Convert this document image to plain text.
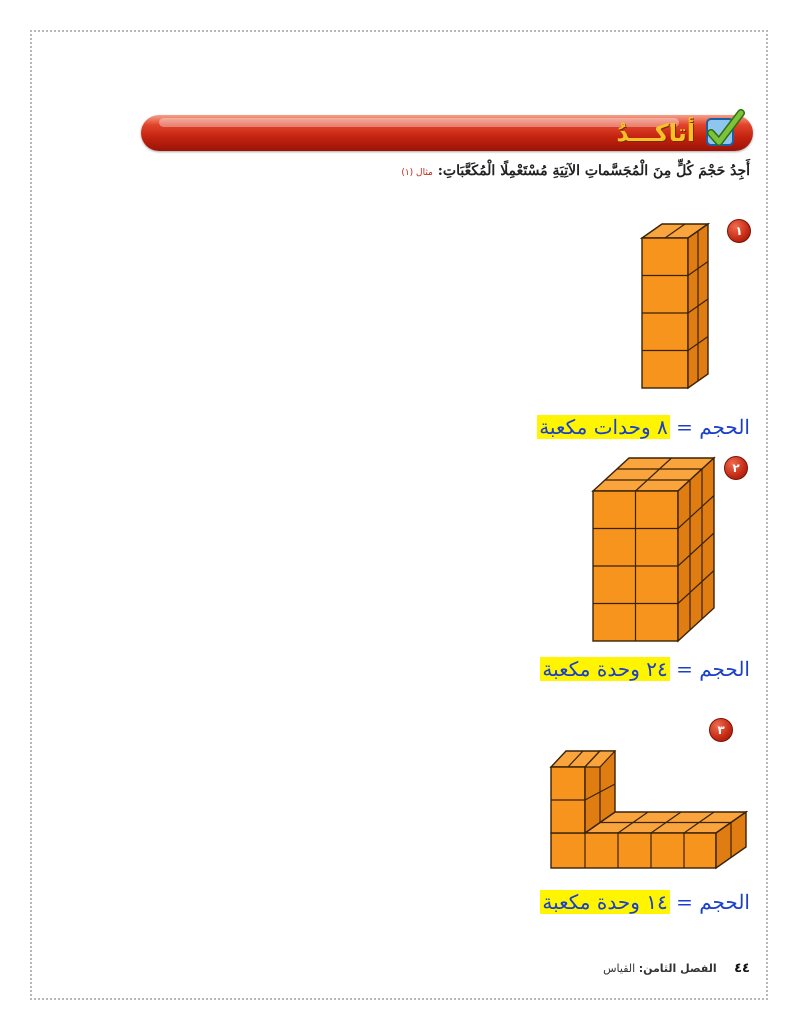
أتاكـــدُ
أَجِدُ حَجْمَ كُلٍّ مِنَ الْمُجَسَّماتِ الآتِيَةِ مُسْتَعْمِلًا الْمُكَعَّبَاتِ: مثال (١)
١
الحجم = ٨ وحدات مكعبة
٢
الحجم = ٢٤ وحدة مكعبة
٣
الحجم = ١٤ وحدة مكعبة
٤٤ الفصل الثامن: القياس
